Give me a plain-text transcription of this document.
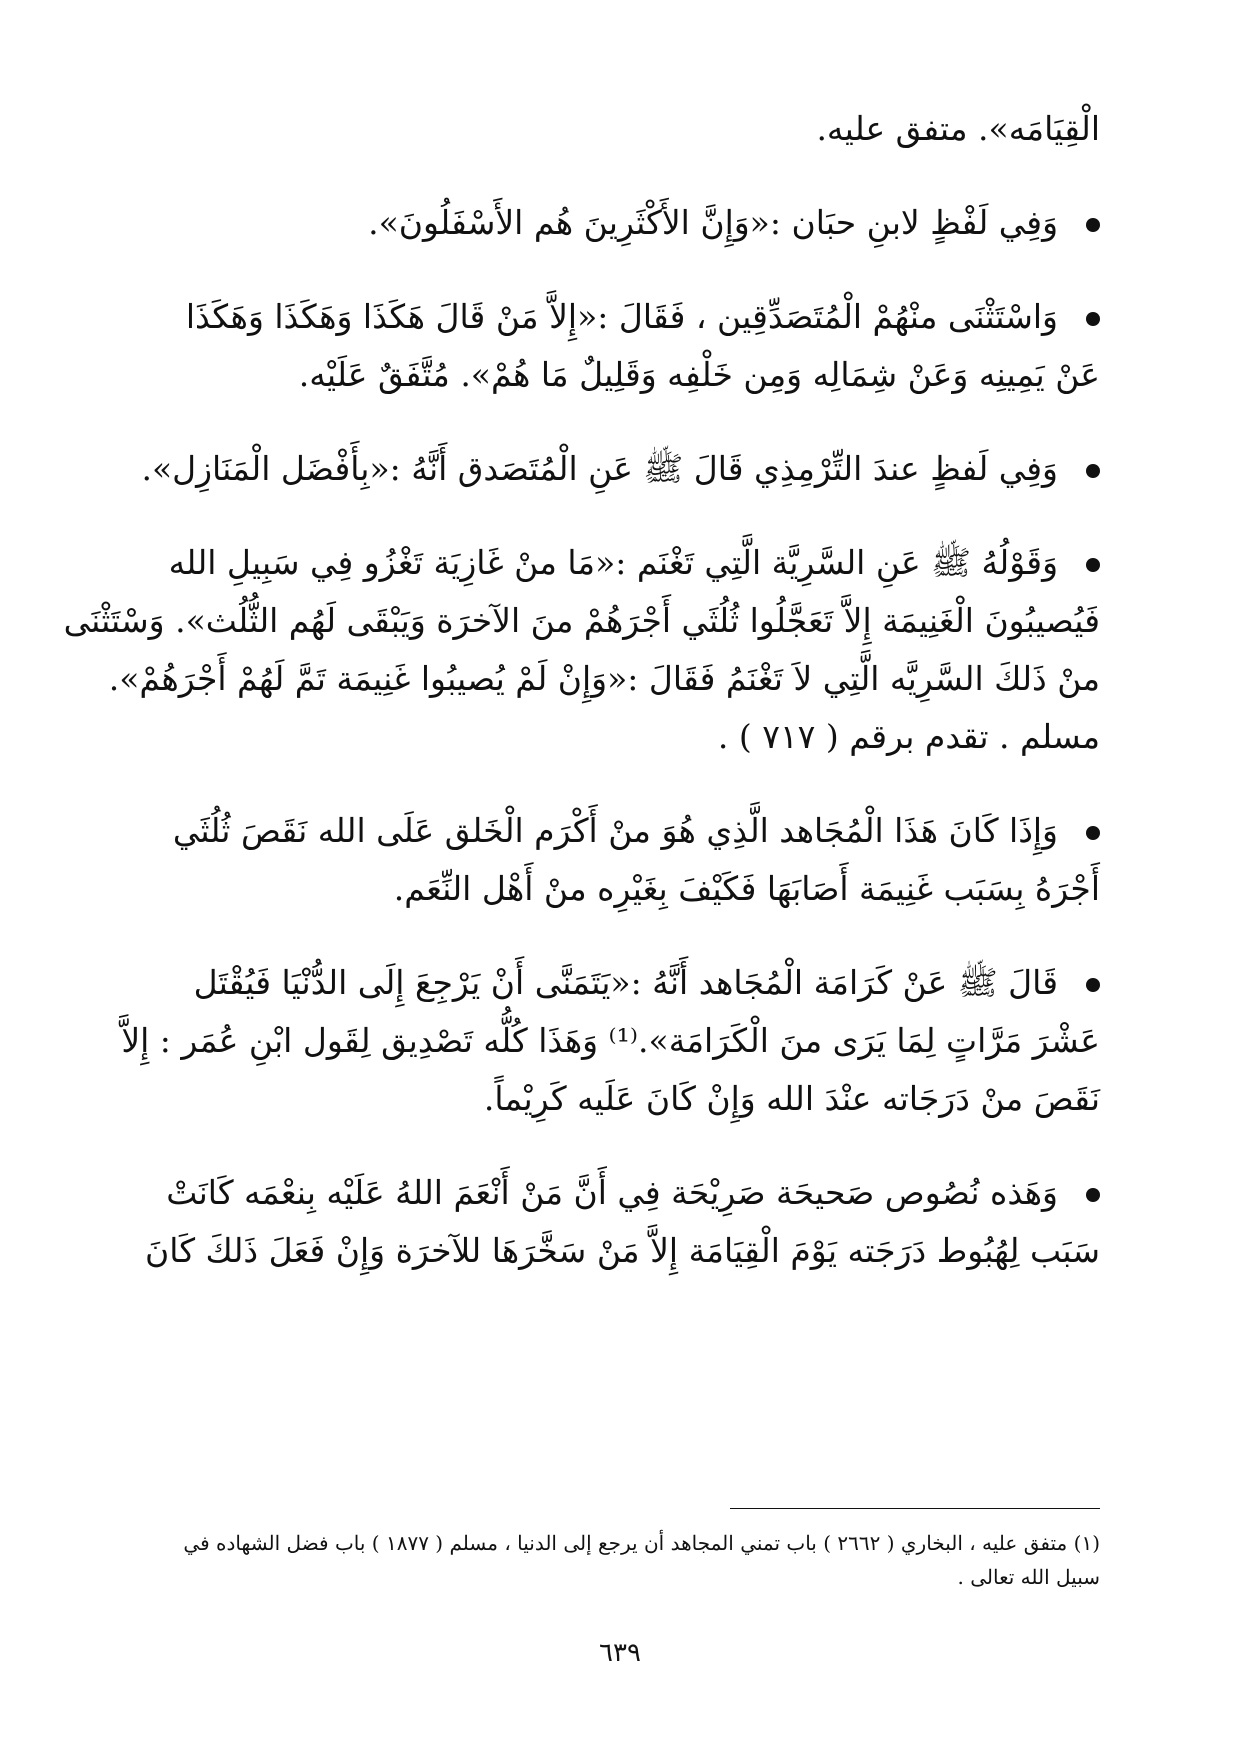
الْقِيَامَه». متفق عليه.

وَفِي لَفْظٍ لابنِ حبَان :«وَإِنَّ الأَكْثَرِينَ هُم الأَسْفَلُونَ».

وَاسْتَثْنَى منْهُمْ الْمُتَصَدِّقِين ، فَقَالَ :«إِلاَّ مَنْ قَالَ هَكَذَا وَهَكَذَا وَهَكَذَا

عَنْ يَمِينِه وَعَنْ شِمَالِه وَمِن خَلْفِه وَقَلِيلٌ مَا هُمْ». مُتَّفَقٌ عَلَيْه.

وَفِي لَفظٍ عندَ التِّرْمِذِي قَالَ ﷺ عَنِ الْمُتَصَدق أَنَّهُ :«بِأَفْضَل الْمَنَازِل».

وَقَوْلُهُ ﷺ عَنِ السَّرِيَّة الَّتِي تَغْنَم :«مَا منْ غَازِيَة تَغْزُو فِي سَبِيلِ الله

فَيُصيبُونَ الْغَنِيمَة إِلاَّ تَعَجَّلُوا ثُلُثَي أَجْرَهُمْ منَ الآخرَة وَيَبْقَى لَهُم الثُّلُث». وَسْتَثْنَى

منْ ذَلكَ السَّرِيَّه الَّتِي لاَ تَغْنَمُ فَقَالَ :«وَإِنْ لَمْ يُصيبُوا غَنِيمَة تَمَّ لَهُمْ أَجْرَهُمْ».

مسلم . تقدم برقم ( ٧١٧ ) .

وَإِذَا كَانَ هَذَا الْمُجَاهد الَّذِي هُوَ منْ أَكْرَم الْخَلق عَلَى الله نَقَصَ ثُلُثَي

أَجْرَهُ بِسَبَب غَنِيمَة أَصَابَهَا فَكَيْفَ بِغَيْرِه منْ أَهْل النِّعَم.

قَالَ ﷺ عَنْ كَرَامَة الْمُجَاهد أَنَّهُ :«يَتَمَنَّى أَنْ يَرْجِعَ إِلَى الدُّنْيَا فَيُقْتَل

عَشْرَ مَرَّاتٍ لِمَا يَرَى منَ الْكَرَامَة».⁽¹⁾ وَهَذَا كُلُّه تَصْدِيق لِقَول ابْنِ عُمَر : إِلاَّ

نَقَصَ منْ دَرَجَاته عنْدَ الله وَإِنْ كَانَ عَلَيه كَرِيْماً.

وَهَذه نُصُوص صَحيحَة صَرِيْحَة فِي أَنَّ مَنْ أَنْعَمَ اللهُ عَلَيْه بِنعْمَه كَانَتْ

سَبَب لِهُبُوط دَرَجَته يَوْمَ الْقِيَامَة إِلاَّ مَنْ سَخَّرَهَا للآخرَة وَإِنْ فَعَلَ ذَلكَ كَانَ

(١) متفق عليه ، البخاري ( ٢٦٦٢ ) باب تمني المجاهد أن يرجع إلى الدنيا ، مسلم ( ١٨٧٧ ) باب فضل الشهاده في سبيل الله تعالى .

٦٣٩
